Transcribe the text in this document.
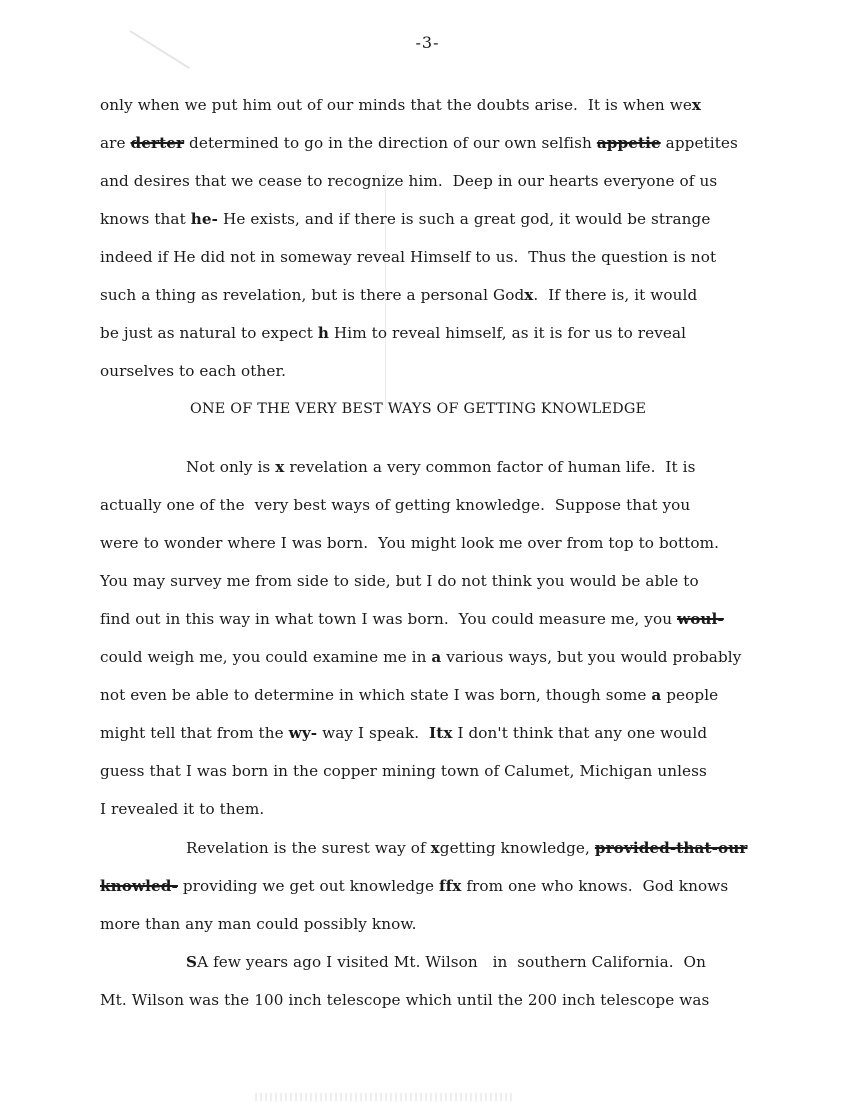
-3-
only when we put him out of our minds that the doubts arise.  It is when wex
are derter determined to go in the direction of our own selfish appetie appetites
and desires that we cease to recognize him.  Deep in our hearts everyone of us
knows that he- He exists, and if there is such a great god, it would be strange
indeed if He did not in someway reveal Himself to us.  Thus the question is not
such a thing as revelation, but is there a personal Godx.  If there is, it would
be just as natural to expect h Him to reveal himself, as it is for us to reveal
ourselves to each other.
ONE OF THE VERY BEST WAYS OF GETTING KNOWLEDGE
Not only is x revelation a very common factor of human life.  It is
actually one of the  very best ways of getting knowledge.  Suppose that you
were to wonder where I was born.  You might look me over from top to bottom.
You may survey me from side to side, but I do not think you would be able to
find out in this way in what town I was born.  You could measure me, you woul-
could weigh me, you could examine me in a various ways, but you would probably
not even be able to determine in which state I was born, though some a people
might tell that from the wy- way I speak.  Itx I don't think that any one would
guess that I was born in the copper mining town of Calumet, Michigan unless
I revealed it to them.
Revelation is the surest way of xgetting knowledge, provided-that-our
knowled- providing we get out knowledge ffx from one who knows.  God knows
more than any man could possibly know.
SA few years ago I visited Mt. Wilson   in  southern California.  On
Mt. Wilson was the 100 inch telescope which until the 200 inch telescope was
